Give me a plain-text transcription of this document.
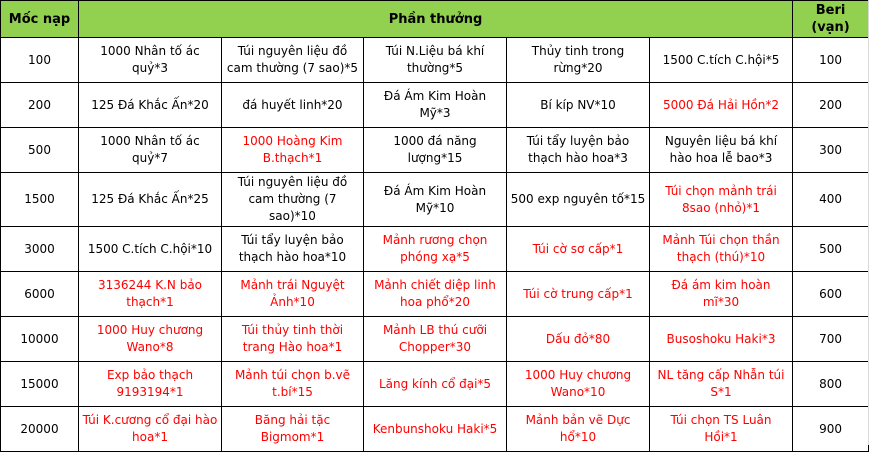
Mốc nạp	Phần thưởng					Beri (vạn)
100	1000 Nhân tố ác quỷ*3	Túi nguyên liệu đồ cam thường (7 sao)*5	Túi N.Liệu bá khí thường*5	Thủy tinh trong rừng*20	1500 C.tích C.hội*5	100
200	125 Đá Khắc Ấn*20	đá huyết linh*20	Đá Ám Kim Hoàn Mỹ*3	Bí kíp NV*10	5000 Đá Hải Hồn*2	200
500	1000 Nhân tố ác quỷ*7	1000 Hoàng Kim B.thạch*1	1000 đá năng lượng*15	Túi tẩy luyện bảo thạch hào hoa*3	Nguyên liệu bá khí hào hoa lễ bao*3	300
1500	125 Đá Khắc Ấn*25	Túi nguyên liệu đồ cam thường (7 sao)*10	Đá Ám Kim Hoàn Mỹ*10	500 exp nguyên tố*15	Túi chọn mảnh trái 8sao (nhỏ)*1	400
3000	1500 C.tích C.hội*10	Túi tẩy luyện bảo thạch hào hoa*10	Mảnh rương chọn phóng xạ*5	Túi cờ sơ cấp*1	Mảnh Túi chọn thần thạch (thú)*10	500
6000	3136244 K.N bảo thạch*1	Mảnh trái Nguyệt Ảnh*10	Mảnh chiết diệp linh hoa phổ*20	Túi cờ trung cấp*1	Đá ám kim hoàn mĩ*30	600
10000	1000 Huy chương Wano*8	Túi thủy tinh thời trang Hào hoa*1	Mảnh LB thú cưỡi Chopper*30	Dấu đỏ*80	Busoshoku Haki*3	700
15000	Exp bảo thạch 9193194*1	Mảnh túi chọn b.vẽ t.bí*15	Lăng kính cổ đại*5	1000 Huy chương Wano*10	NL tăng cấp Nhẫn túi S*1	800
20000	Túi K.cương cổ đại hào hoa*1	Băng hải tặc Bigmom*1	Kenbunshoku Haki*5	Mảnh bản vẽ Dực hổ*10	Túi chọn TS Luân Hồi*1	900
